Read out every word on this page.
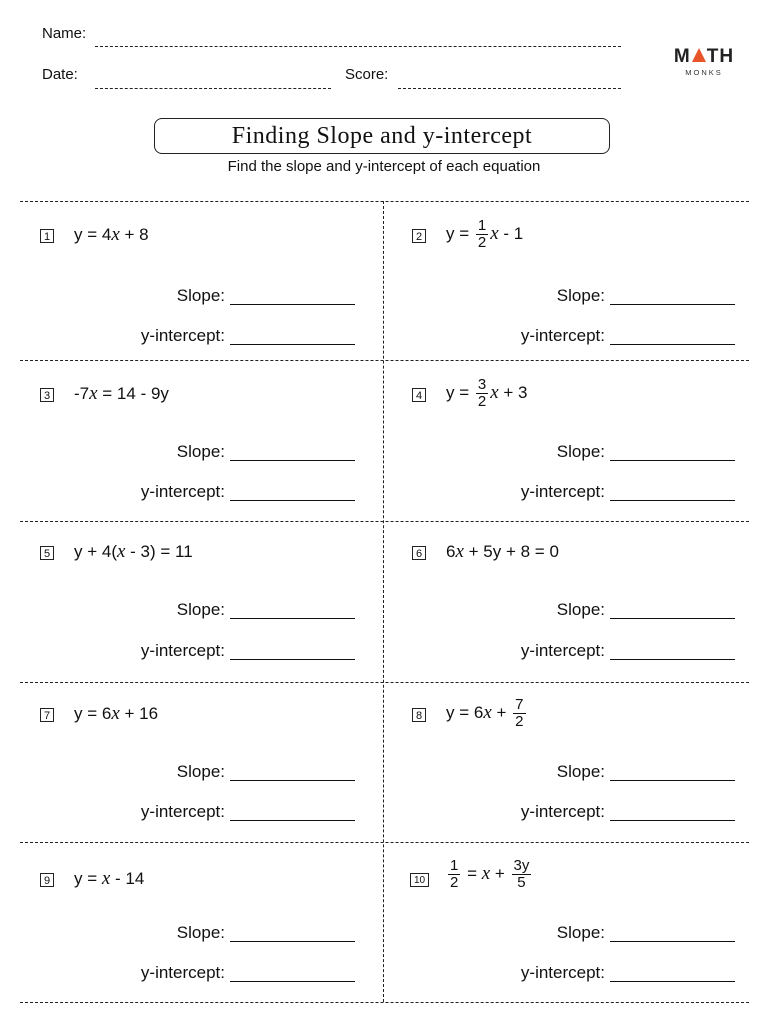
Name:
Date:	Score:
M TH
MONKS
Finding Slope and y-intercept
Find the slope and y-intercept of each equation
1 y = 4x + 8
Slope:
y-intercept:
2 $y = \frac{1}{2}$ x - 1
Slope:
y-intercept:
3 -7x = 14 - 9y
Slope:
y-intercept:
4 $y = \frac{3}{2}$ x + 3
Slope:
y-intercept:
5 y + 4(x - 3) = 11
Slope:
y-intercept:
6 6x + 5y + 8 = 0
Slope:
y-intercept:
7 y = 6x + 16
Slope:
y-intercept:
8 $y = 6x + \frac{7}{2}$
Slope:
y-intercept:
9 y = x - 14
Slope:
y-intercept:
$10 \frac{1}{2} = x + \frac{3y}{5}$
Slope:
y-intercept:
